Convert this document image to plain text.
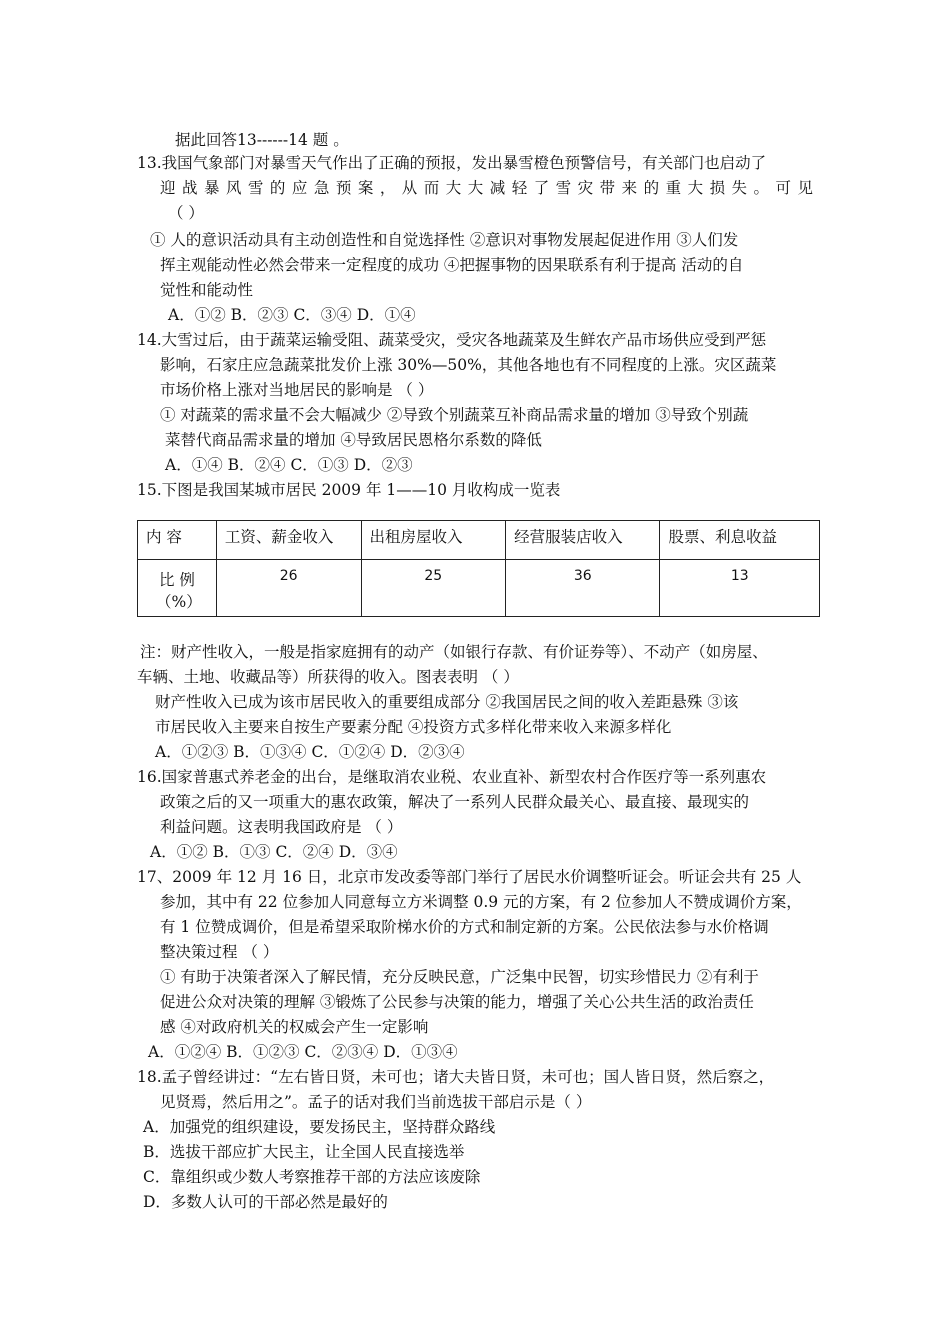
据此回答13------14 题 。
13.我国气象部门对暴雪天气作出了正确的预报，发出暴雪橙色预警信号，有关部门也启动了
迎 战 暴 风 雪 的 应 急 预 案 ， 从 而 大 大 减 轻 了 雪 灾 带 来 的 重 大 损 失 。 可 见
（ ）
① 人的意识活动具有主动创造性和自觉选择性 ②意识对事物发展起促进作用 ③人们发
挥主观能动性必然会带来一定程度的成功 ④把握事物的因果联系有利于提高 活动的自
觉性和能动性
A．①② B．②③ C．③④ D．①④
14.大雪过后，由于蔬菜运输受阻、蔬菜受灾，受灾各地蔬菜及生鲜农产品市场供应受到严惩
影响，石家庄应急蔬菜批发价上涨 30%—50%，其他各地也有不同程度的上涨。灾区蔬菜
市场价格上涨对当地居民的影响是 （ ）
① 对蔬菜的需求量不会大幅减少 ②导致个别蔬菜互补商品需求量的增加 ③导致个别蔬
菜替代商品需求量的增加 ④导致居民恩格尔系数的降低
A．①④ B．②④ C．①③ D．②③
15.下图是我国某城市居民 2009 年 1——10 月收构成一览表
内 容	工资、薪金收入	出租房屋收入	经营服装店收入	股票、利息收益

比 例
（%）	26	25	36	13
注：财产性收入，一般是指家庭拥有的动产（如银行存款、有价证券等）、不动产（如房屋、
车辆、土地、收藏品等）所获得的收入。图表表明 （ ）
财产性收入已成为该市居民收入的重要组成部分 ②我国居民之间的收入差距悬殊 ③该
市居民收入主要来自按生产要素分配 ④投资方式多样化带来收入来源多样化
A．①②③ B．①③④ C．①②④ D．②③④
16.国家普惠式养老金的出台，是继取消农业税、农业直补、新型农村合作医疗等一系列惠农
政策之后的又一项重大的惠农政策，解决了一系列人民群众最关心、最直接、最现实的
利益问题。这表明我国政府是 （ ）
A．①② B．①③ C．②④ D．③④
17、2009 年 12 月 16 日，北京市发改委等部门举行了居民水价调整听证会。听证会共有 25 人
参加，其中有 22 位参加人同意每立方米调整 0.9 元的方案，有 2 位参加人不赞成调价方案，
有 1 位赞成调价，但是希望采取阶梯水价的方式和制定新的方案。公民依法参与水价格调
整决策过程 （ ）
① 有助于决策者深入了解民情，充分反映民意，广泛集中民智，切实珍惜民力 ②有利于
促进公众对决策的理解 ③锻炼了公民参与决策的能力，增强了关心公共生活的政治责任
感 ④对政府机关的权威会产生一定影响
A．①②④ B．①②③ C．②③④ D．①③④
18.孟子曾经讲过：“左右皆日贤，未可也；诸大夫皆日贤，未可也；国人皆日贤，然后察之，
见贤焉，然后用之”。孟子的话对我们当前选拔干部启示是（ ）
A．加强党的组织建设，要发扬民主，坚持群众路线
B．选拔干部应扩大民主，让全国人民直接选举
C．靠组织或少数人考察推荐干部的方法应该废除
D．多数人认可的干部必然是最好的
